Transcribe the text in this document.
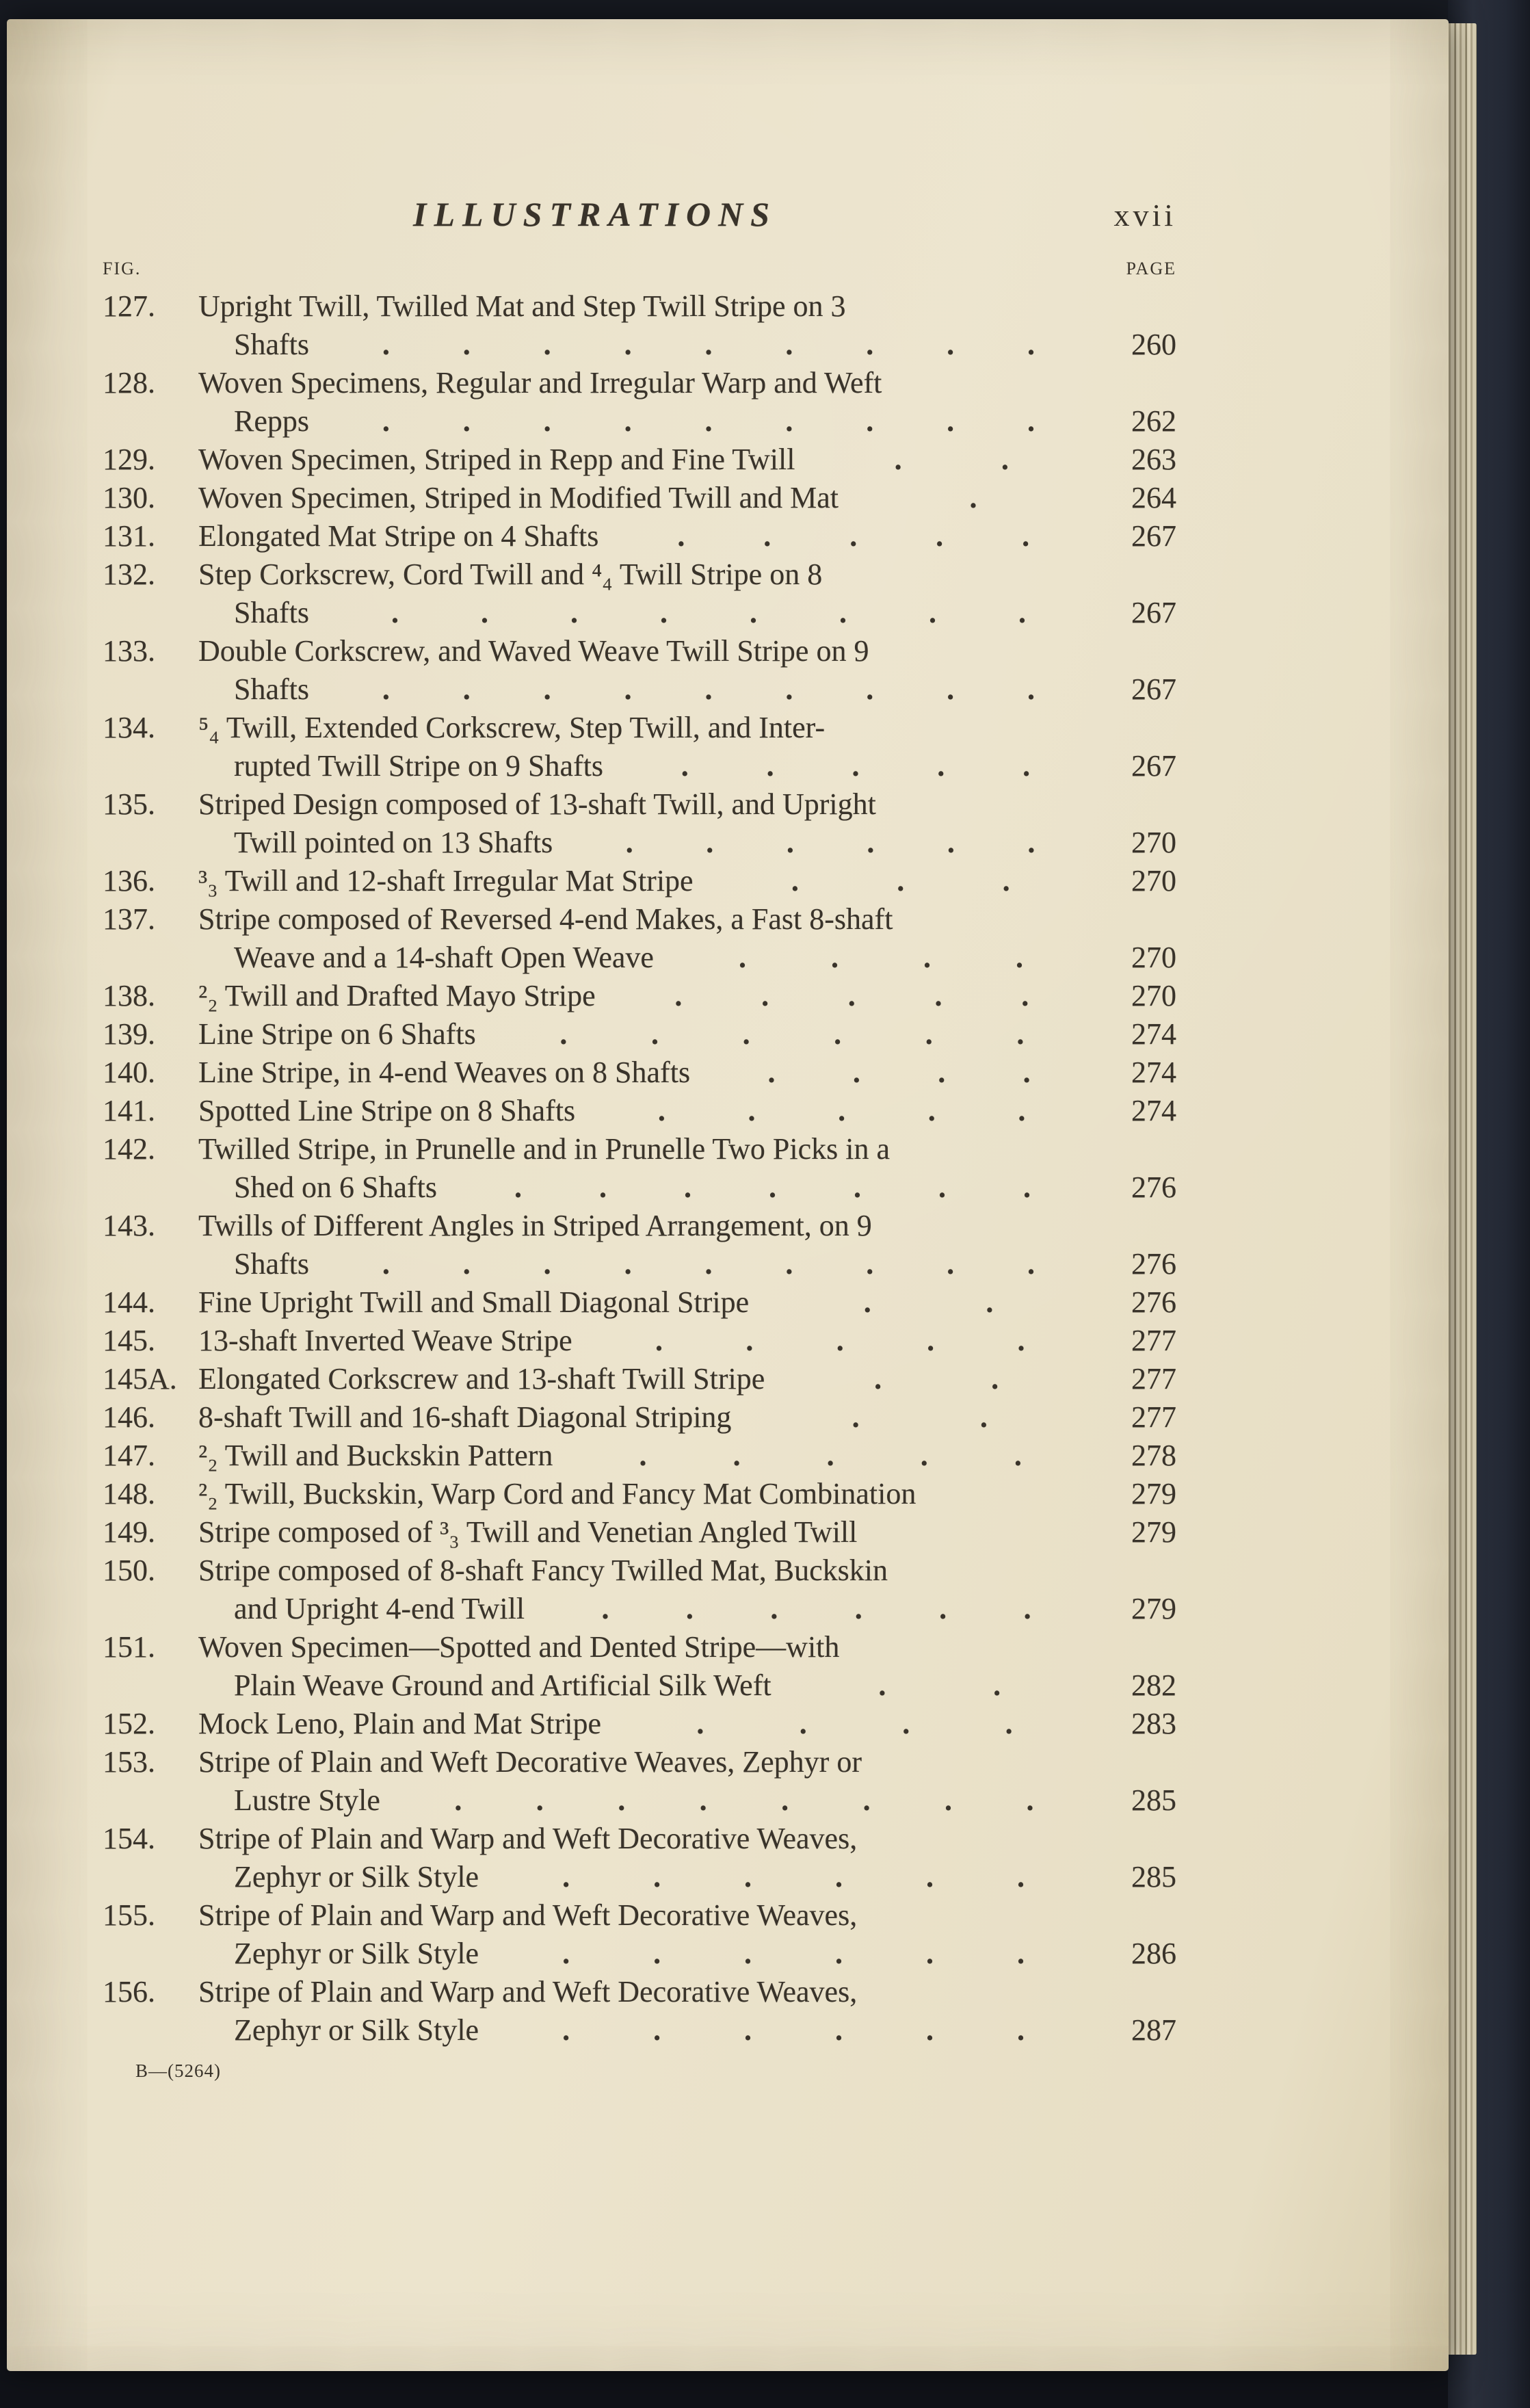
ILLUSTRATIONS	xvii
FIG.	PAGE
127.	Upright Twill, Twilled Mat and Step Twill Stripe on 3
Shafts . . . . . . . . .	260
128.	Woven Specimens, Regular and Irregular Warp and Weft
Repps . . . . . . . . .	262
129.	Woven Specimen, Striped in Repp and Fine Twill	.	.	263
130.	Woven Specimen, Striped in Modified Twill and Mat	.	264
131.	Elongated Mat Stripe on 4 Shafts	.	.	.	.	.	267
132.	Step Corkscrew, Cord Twill and ⁴₄ Twill Stripe on 8
Shafts	.	.	.	.	.	.	.	.	267
133.	Double Corkscrew, and Waved Weave Twill Stripe on 9
Shafts . . . . . . . . .	267
134.	⁵₄ Twill, Extended Corkscrew, Step Twill, and Inter-
rupted Twill Stripe on 9 Shafts	.	.	.	.	.	267
135.	Striped Design composed of 13-shaft Twill, and Upright
Twill pointed on 13 Shafts . . . . . .	270
136.	³₃ Twill and 12-shaft Irregular Mat Stripe	.	.	.	270
137.	Stripe composed of Reversed 4-end Makes, a Fast 8-shaft
Weave and a 14-shaft Open Weave	.	.	.	.	270
138.	²₂ Twill and Drafted Mayo Stripe	.	.	.	.	.	270
139.	Line Stripe on 6 Shafts	.	.	.	.	.	.	274
140.	Line Stripe, in 4-end Weaves on 8 Shafts	.	.	.	.	274
141.	Spotted Line Stripe on 8 Shafts	.	.	.	.	.	274
142.	Twilled Stripe, in Prunelle and in Prunelle Two Picks in a
Shed on 6 Shafts	.	.	.	.	.	.	.	276
143.	Twills of Different Angles in Striped Arrangement, on 9
Shafts . . . . . . . . .	276
144.	Fine Upright Twill and Small Diagonal Stripe	.	.	276
145.	13-shaft Inverted Weave Stripe	.	.	.	.	.	277
145A. Elongated Corkscrew and 13-shaft Twill Stripe	.	.	277
146.	8-shaft Twill and 16-shaft Diagonal Striping	.	.	277
147.	²₂ Twill and Buckskin Pattern	.	.	.	.	.	278
148.	²₂ Twill, Buckskin, Warp Cord and Fancy Mat Combination	279
149.	Stripe composed of ³₃ Twill and Venetian Angled Twill	279
150.	Stripe composed of 8-shaft Fancy Twilled Mat, Buckskin
and Upright 4-end Twill	.	.	.	.	.	.	279
151.	Woven Specimen—Spotted and Dented Stripe—with
Plain Weave Ground and Artificial Silk Weft	.	.	282
152.	Mock Leno, Plain and Mat Stripe	.	.	.	.	283
153.	Stripe of Plain and Weft Decorative Weaves, Zephyr or
Lustre Style . . . . . . . .	285
154.	Stripe of Plain and Warp and Weft Decorative Weaves,
Zephyr or Silk Style	.	.	.	.	.	.	285
155.	Stripe of Plain and Warp and Weft Decorative Weaves,
Zephyr or Silk Style	.	.	.	.	.	.	286
156.	Stripe of Plain and Warp and Weft Decorative Weaves,
Zephyr or Silk Style	.	.	.	.	.	.	287
B—(5264)
